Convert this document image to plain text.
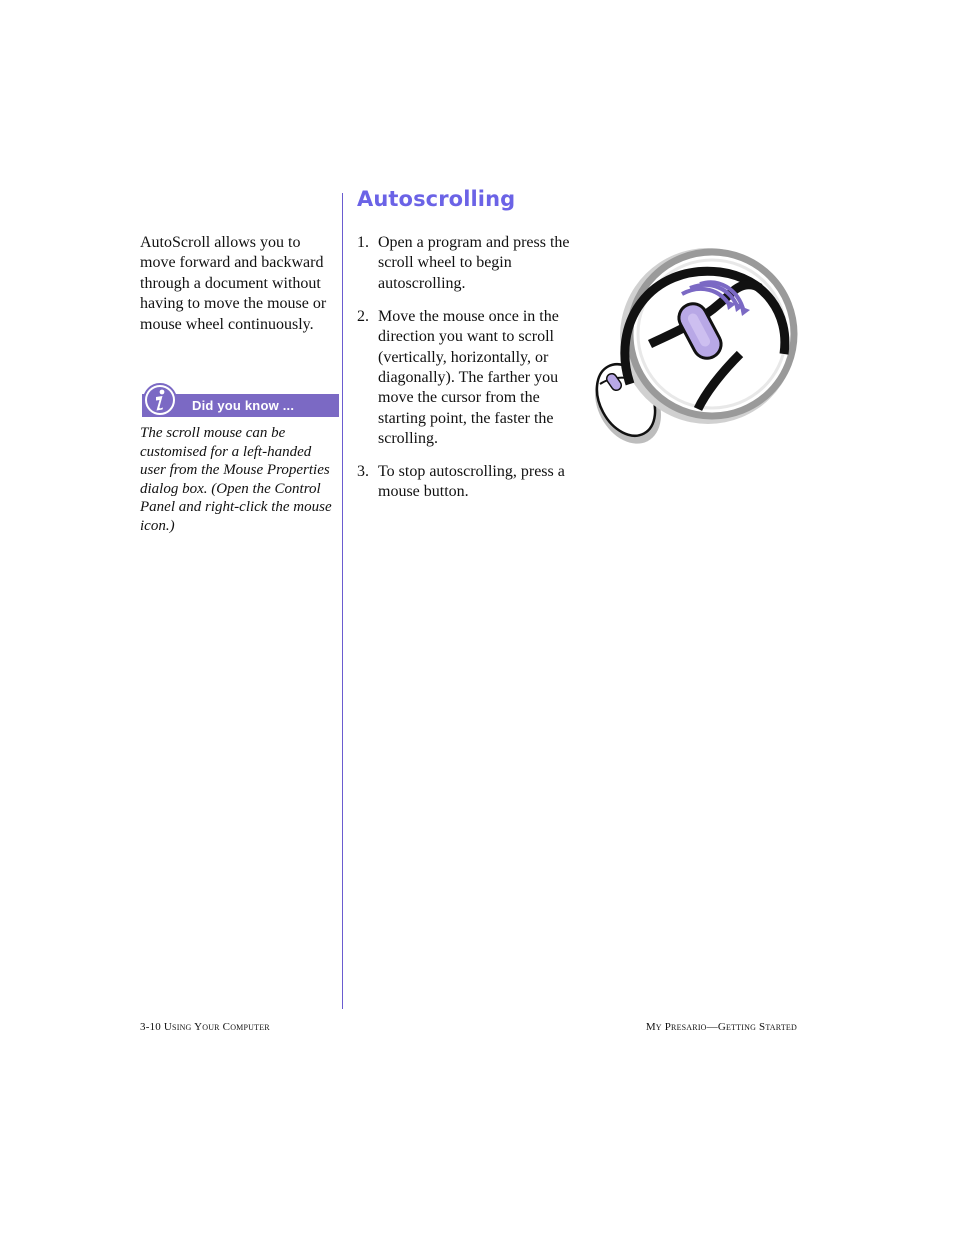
AutoScroll allows you to move forward and backward through a document without having to move the mouse or mouse wheel continuously.

Did you know ...

The scroll mouse can be customised for a left-handed user from the Mouse Properties dialog box. (Open the Control Panel and right-click the mouse icon.)

Autoscrolling
1. Open a program and press the scroll wheel to begin autoscrolling.
2. Move the mouse once in the direction you want to scroll (vertically, horizontally, or diagonally). The farther you move the cursor from the starting point, the faster the scrolling.
3. To stop autoscrolling, press a mouse button.
3-10 Using Your Computer	My Presario—Getting Started
